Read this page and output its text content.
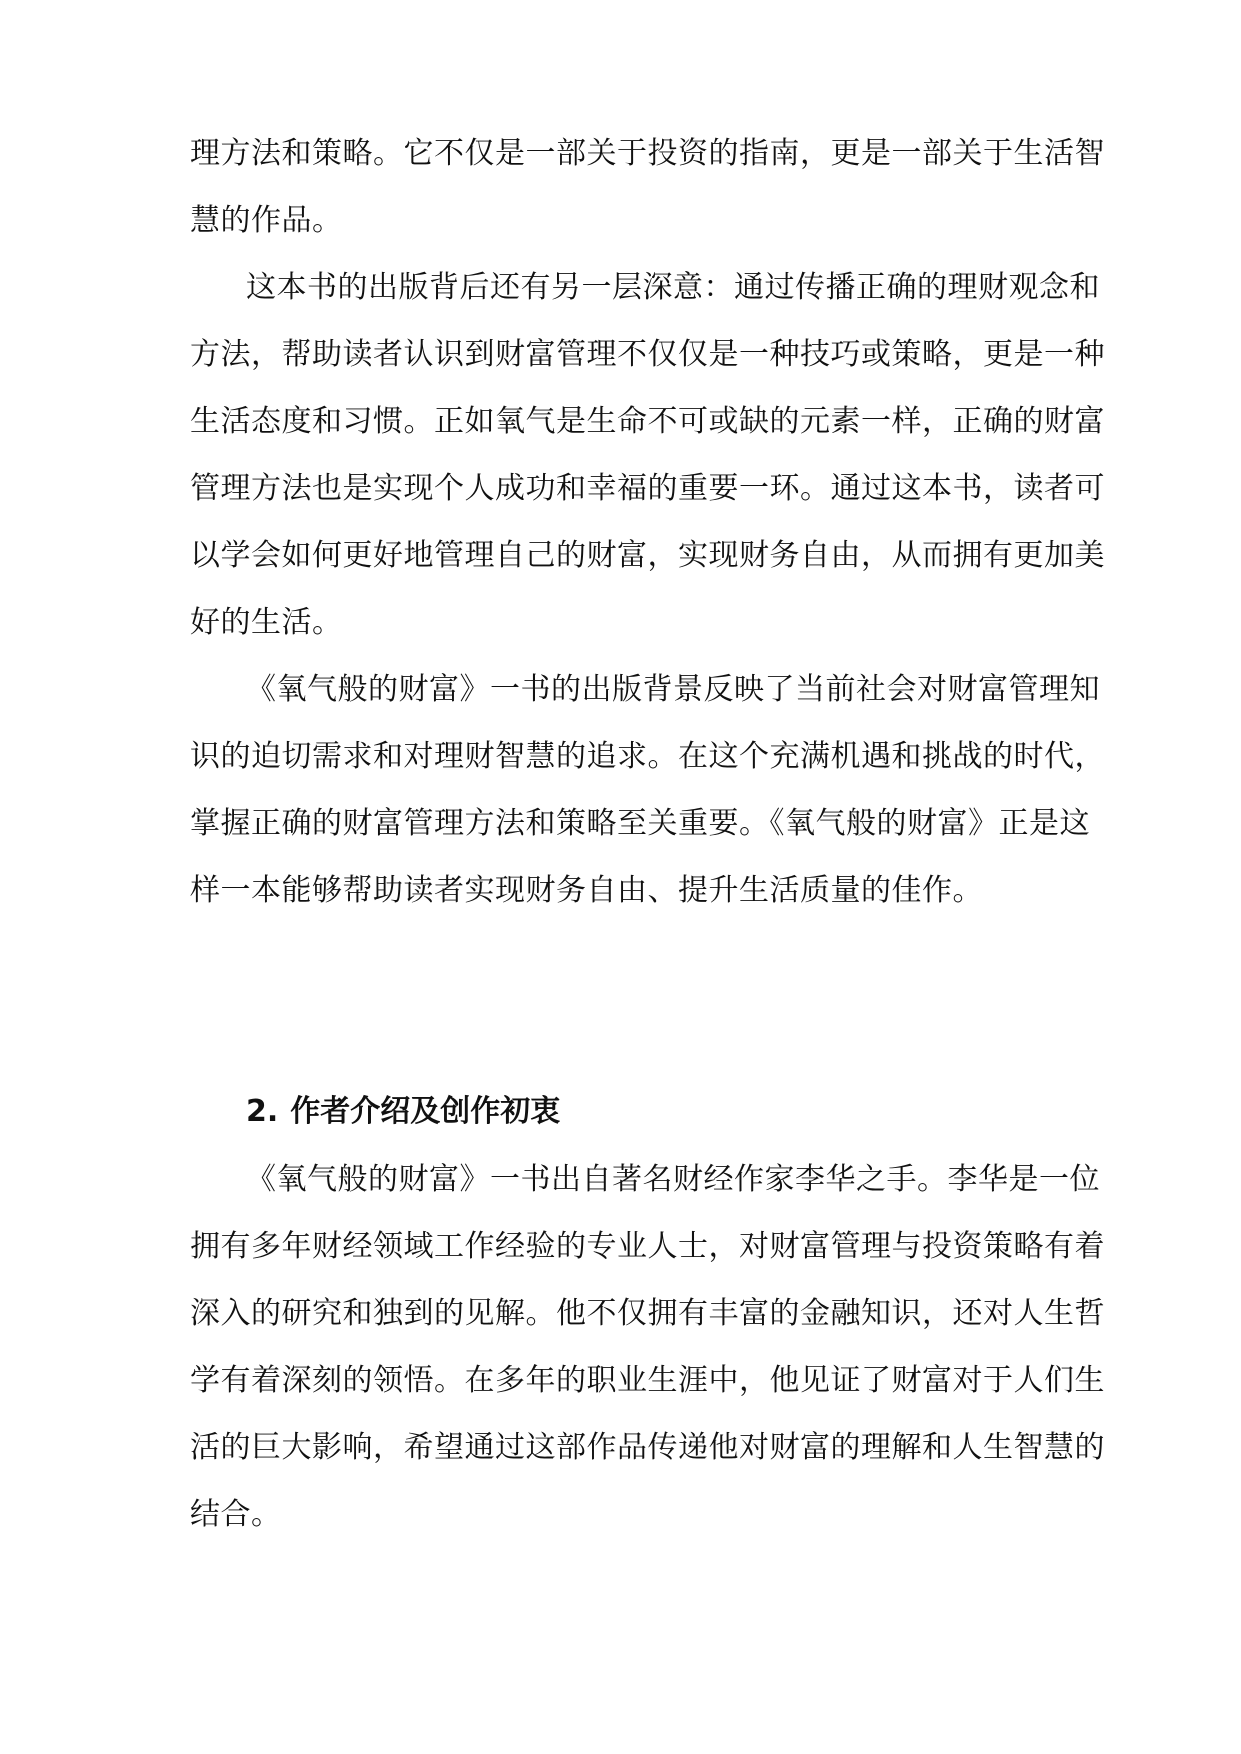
理方法和策略。它不仅是一部关于投资的指南，更是一部关于生活智
慧的作品。
这本书的出版背后还有另一层深意：通过传播正确的理财观念和
方法，帮助读者认识到财富管理不仅仅是一种技巧或策略，更是一种
生活态度和习惯。正如氧气是生命不可或缺的元素一样，正确的财富
管理方法也是实现个人成功和幸福的重要一环。通过这本书，读者可
以学会如何更好地管理自己的财富，实现财务自由，从而拥有更加美
好的生活。
《氧气般的财富》一书的出版背景反映了当前社会对财富管理知
识的迫切需求和对理财智慧的追求。在这个充满机遇和挑战的时代，
掌握正确的财富管理方法和策略至关重要。《氧气般的财富》正是这
样一本能够帮助读者实现财务自由、提升生活质量的佳作。
2. 作者介绍及创作初衷
《氧气般的财富》一书出自著名财经作家李华之手。李华是一位
拥有多年财经领域工作经验的专业人士，对财富管理与投资策略有着
深入的研究和独到的见解。他不仅拥有丰富的金融知识，还对人生哲
学有着深刻的领悟。在多年的职业生涯中，他见证了财富对于人们生
活的巨大影响，希望通过这部作品传递他对财富的理解和人生智慧的
结合。
